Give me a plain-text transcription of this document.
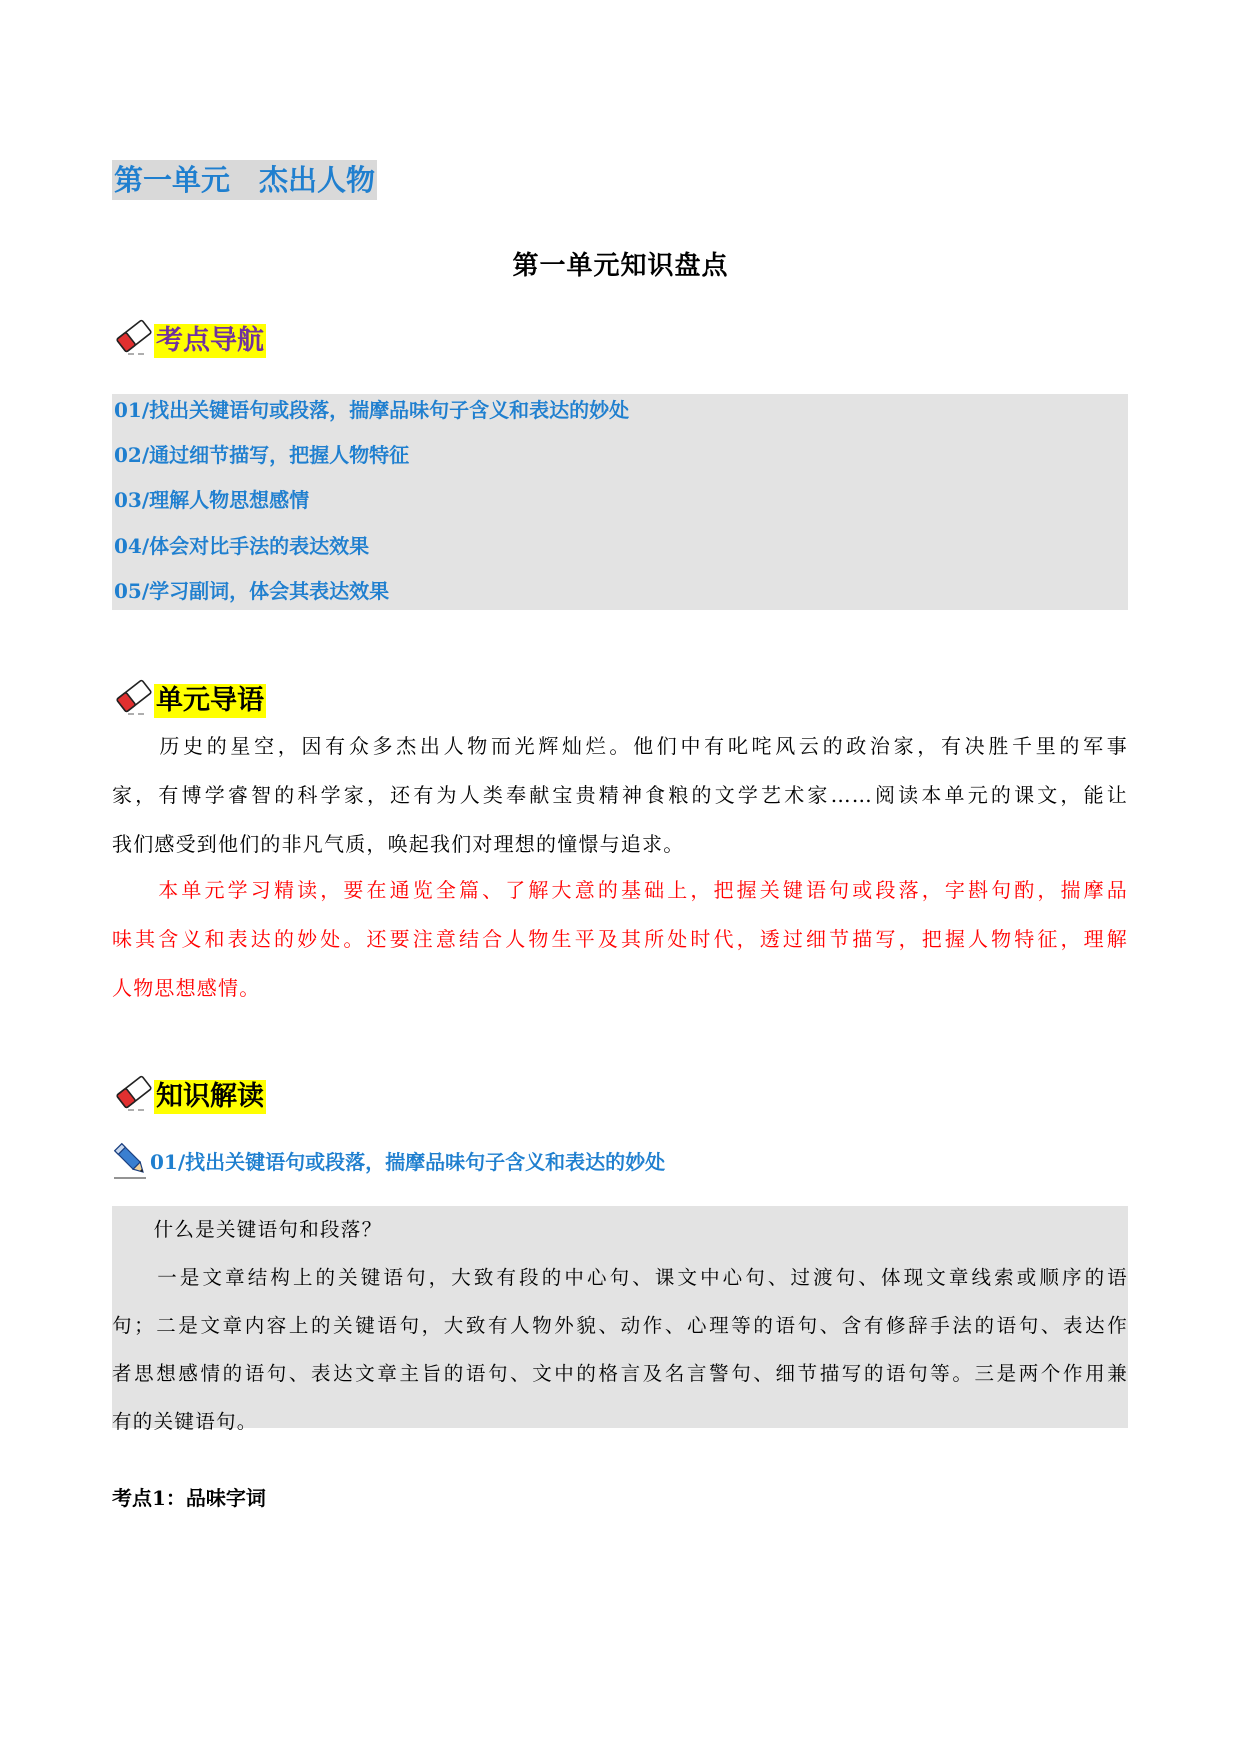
第一单元　杰出人物
第一单元知识盘点
考点导航
01/找出关键语句或段落，揣摩品味句子含义和表达的妙处
02/通过细节描写，把握人物特征
03/理解人物思想感情
04/体会对比手法的表达效果
05/学习副词，体会其表达效果
单元导语
　　历史的星空，因有众多杰出人物而光辉灿烂。他们中有叱咤风云的政治家，有决胜千里的军事
家，有博学睿智的科学家，还有为人类奉献宝贵精神食粮的文学艺术家……阅读本单元的课文，能让
我们感受到他们的非凡气质，唤起我们对理想的憧憬与追求。
　　本单元学习精读，要在通览全篇、了解大意的基础上，把握关键语句或段落，字斟句酌，揣摩品
味其含义和表达的妙处。还要注意结合人物生平及其所处时代，透过细节描写，把握人物特征，理解
人物思想感情。
知识解读
01/找出关键语句或段落，揣摩品味句子含义和表达的妙处
　　什么是关键语句和段落？
　　一是文章结构上的关键语句，大致有段的中心句、课文中心句、过渡句、体现文章线索或顺序的语
句；二是文章内容上的关键语句，大致有人物外貌、动作、心理等的语句、含有修辞手法的语句、表达作
者思想感情的语句、表达文章主旨的语句、文中的格言及名言警句、细节描写的语句等。三是两个作用兼
有的关键语句。
考点1：品味字词
